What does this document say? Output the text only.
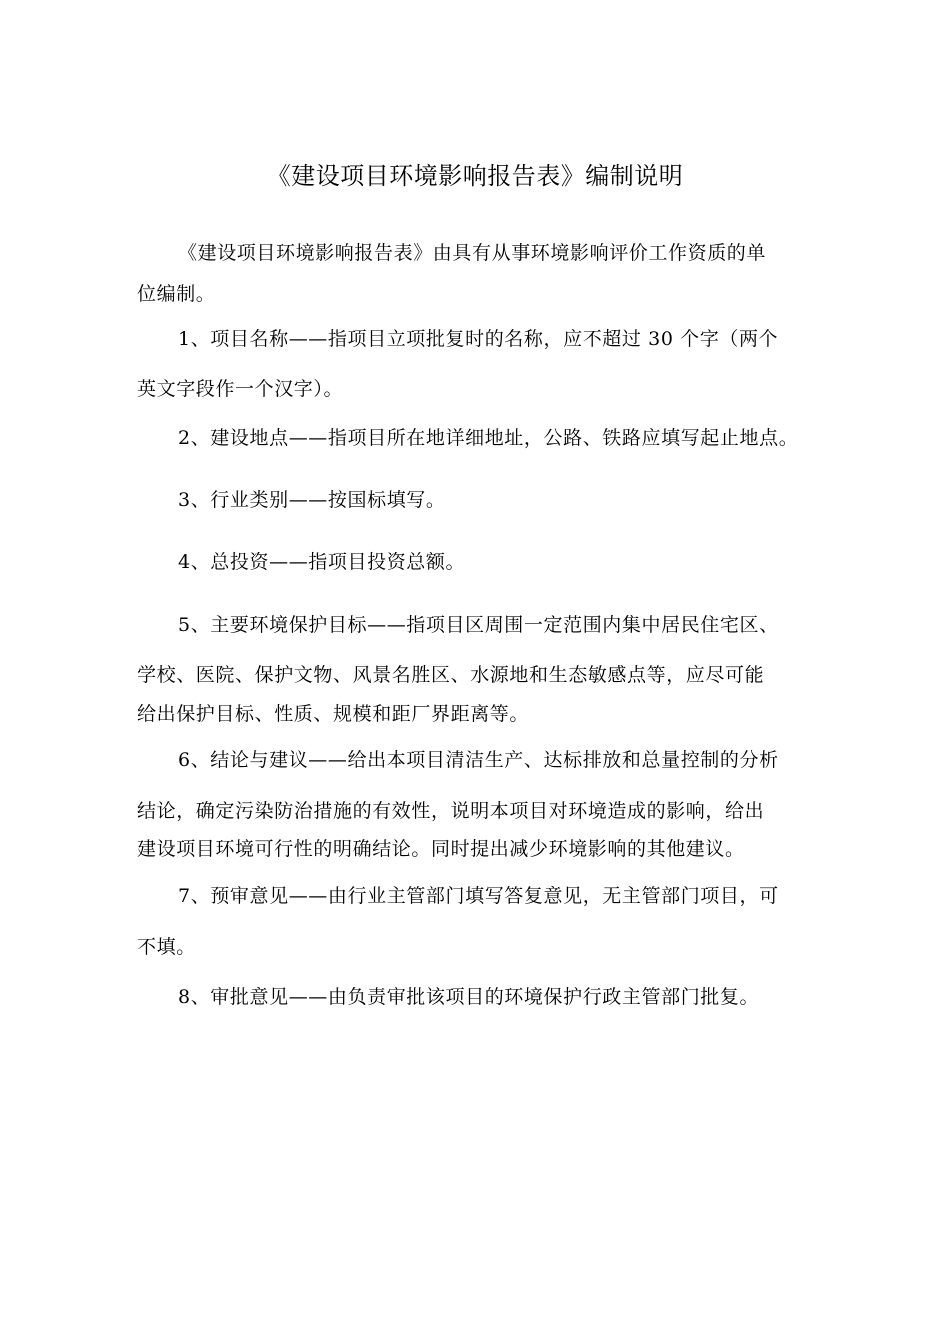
《建设项目环境影响报告表》编制说明
《建设项目环境影响报告表》由具有从事环境影响评价工作资质的单
位编制。
1、项目名称——指项目立项批复时的名称，应不超过 30 个字（两个
英文字段作一个汉字）。
2、建设地点——指项目所在地详细地址，公路、铁路应填写起止地点。
3、行业类别——按国标填写。
4、总投资——指项目投资总额。
5、主要环境保护目标——指项目区周围一定范围内集中居民住宅区、
学校、医院、保护文物、风景名胜区、水源地和生态敏感点等，应尽可能
给出保护目标、性质、规模和距厂界距离等。
6、结论与建议——给出本项目清洁生产、达标排放和总量控制的分析
结论，确定污染防治措施的有效性，说明本项目对环境造成的影响，给出
建设项目环境可行性的明确结论。同时提出减少环境影响的其他建议。
7、预审意见——由行业主管部门填写答复意见，无主管部门项目，可
不填。
8、审批意见——由负责审批该项目的环境保护行政主管部门批复。
